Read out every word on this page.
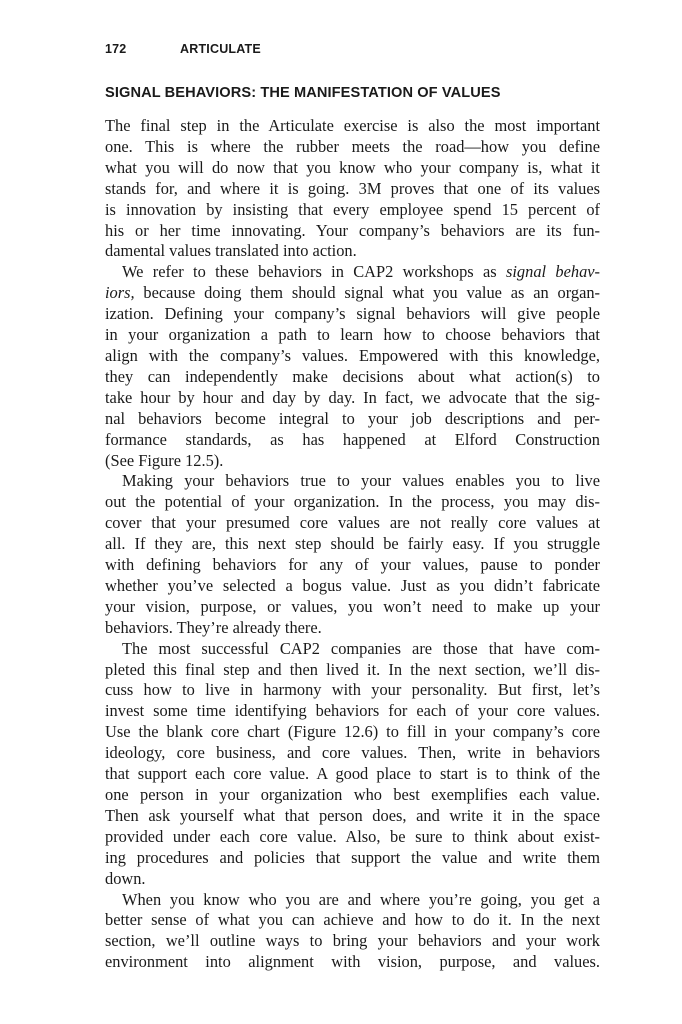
172	ARTICULATE
SIGNAL BEHAVIORS: THE MANIFESTATION OF VALUES
The final step in the Articulate exercise is also the most important
one. This is where the rubber meets the road—how you define
what you will do now that you know who your company is, what it
stands for, and where it is going. 3M proves that one of its values
is innovation by insisting that every employee spend 15 percent of
his or her time innovating. Your company’s behaviors are its fun-
damental values translated into action.
We refer to these behaviors in CAP2 workshops as signal behav-
iors, because doing them should signal what you value as an organ-
ization. Defining your company’s signal behaviors will give people
in your organization a path to learn how to choose behaviors that
align with the company’s values. Empowered with this knowledge,
they can independently make decisions about what action(s) to
take hour by hour and day by day. In fact, we advocate that the sig-
nal behaviors become integral to your job descriptions and per-
formance standards, as has happened at Elford Construction
(See Figure 12.5).
Making your behaviors true to your values enables you to live
out the potential of your organization. In the process, you may dis-
cover that your presumed core values are not really core values at
all. If they are, this next step should be fairly easy. If you struggle
with defining behaviors for any of your values, pause to ponder
whether you’ve selected a bogus value. Just as you didn’t fabricate
your vision, purpose, or values, you won’t need to make up your
behaviors. They’re already there.
The most successful CAP2 companies are those that have com-
pleted this final step and then lived it. In the next section, we’ll dis-
cuss how to live in harmony with your personality. But first, let’s
invest some time identifying behaviors for each of your core values.
Use the blank core chart (Figure 12.6) to fill in your company’s core
ideology, core business, and core values. Then, write in behaviors
that support each core value. A good place to start is to think of the
one person in your organization who best exemplifies each value.
Then ask yourself what that person does, and write it in the space
provided under each core value. Also, be sure to think about exist-
ing procedures and policies that support the value and write them
down.
When you know who you are and where you’re going, you get a
better sense of what you can achieve and how to do it. In the next
section, we’ll outline ways to bring your behaviors and your work
environment into alignment with vision, purpose, and values.
